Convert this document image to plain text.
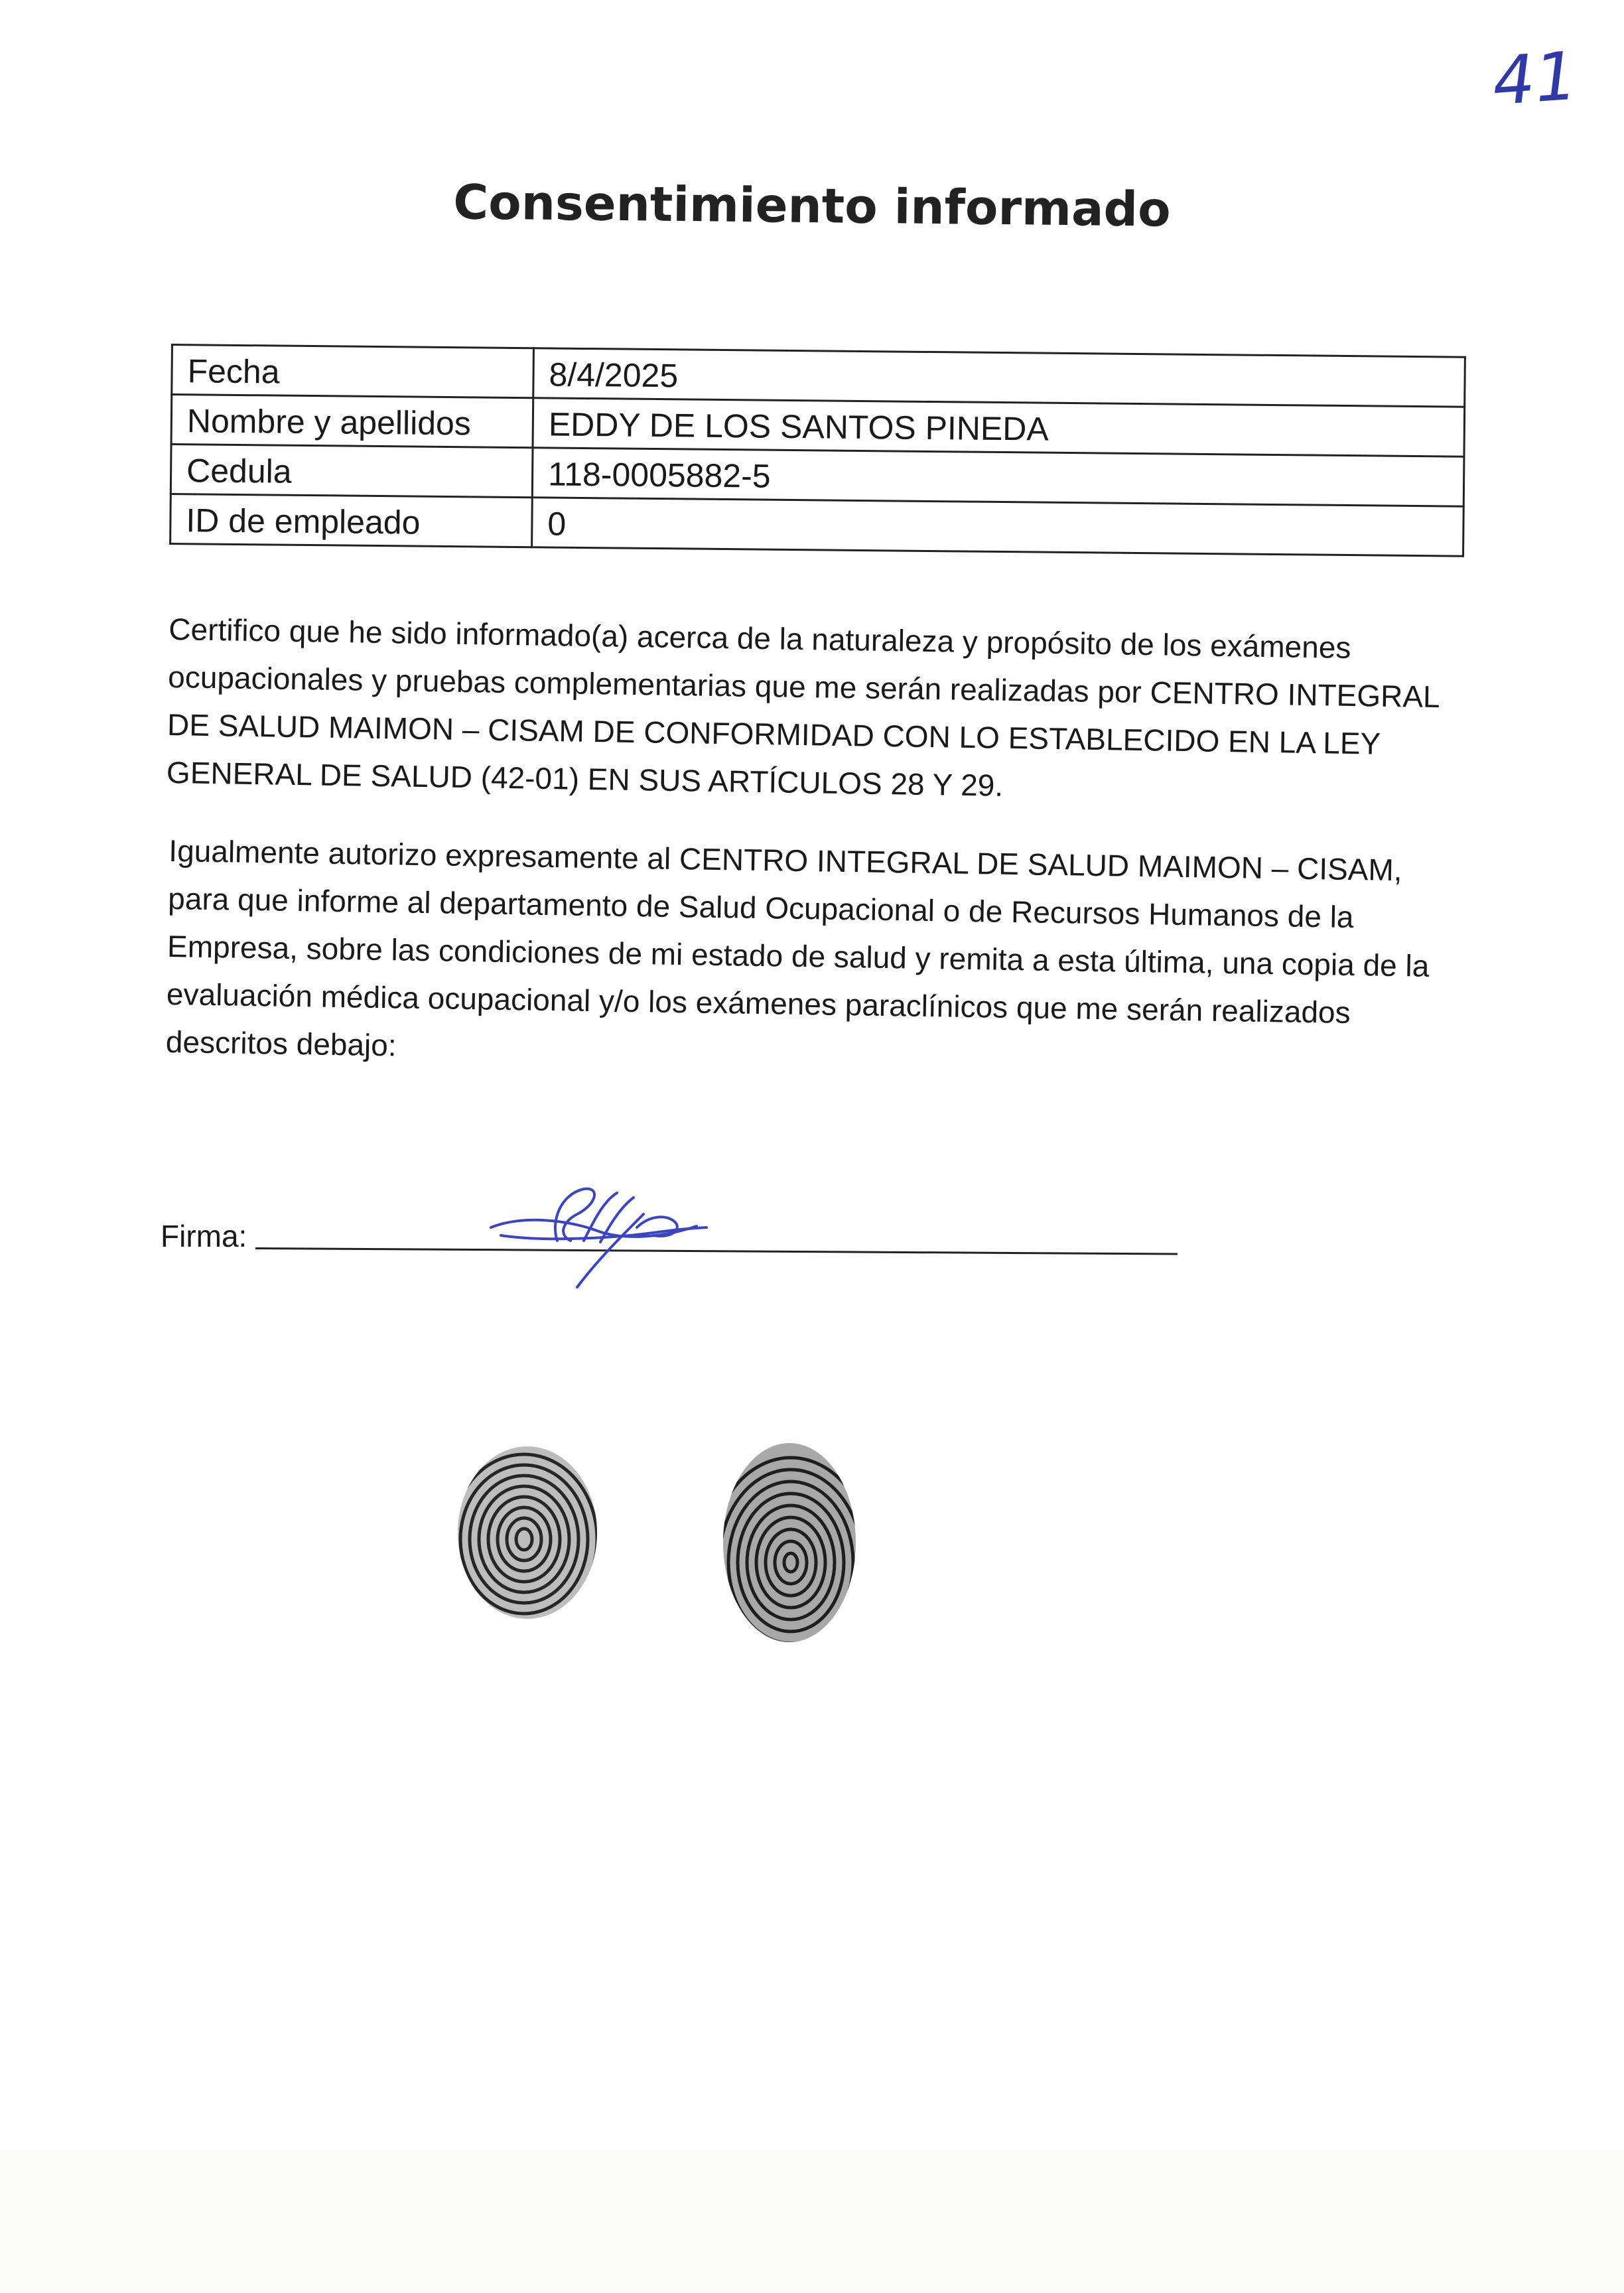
41
Consentimiento informado
Fecha	8/4/2025
Nombre y apellidos	EDDY DE LOS SANTOS PINEDA
Cedula	118-0005882-5
ID de empleado	0
Certifico que he sido informado(a) acerca de la naturaleza y propósito de los exámenes ocupacionales y pruebas complementarias que me serán realizadas por CENTRO INTEGRAL DE SALUD MAIMON – CISAM DE CONFORMIDAD CON LO ESTABLECIDO EN LA LEY GENERAL DE SALUD (42-01) EN SUS ARTÍCULOS 28 Y 29.
Igualmente autorizo expresamente al CENTRO INTEGRAL DE SALUD MAIMON – CISAM, para que informe al departamento de Salud Ocupacional o de Recursos Humanos de la Empresa, sobre las condiciones de mi estado de salud y remita a esta última, una copia de la evaluación médica ocupacional y/o los exámenes paraclínicos que me serán realizados descritos debajo:
Firma:
